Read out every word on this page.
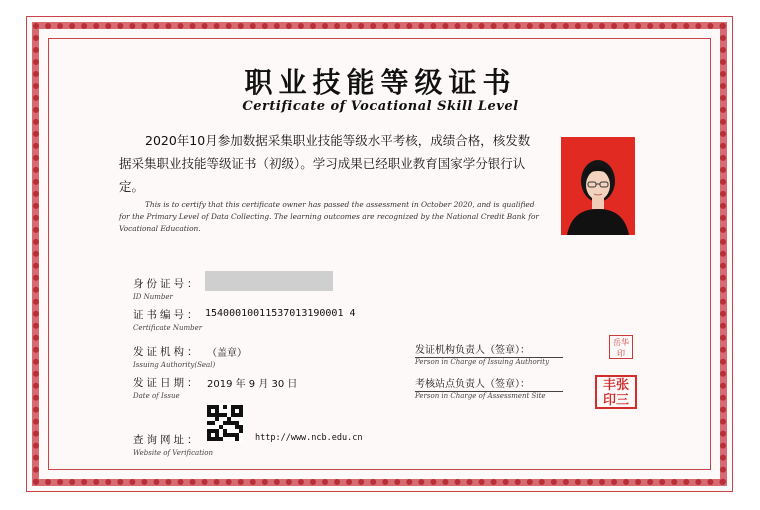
职业技能等级证书
Certificate of Vocational Skill Level
2020年10月参加数据采集职业技能等级水平考核，成绩合格，核发数据采集职业技能等级证书（初级）。学习成果已经职业教育国家学分银行认定。
This is to certify that this certificate owner has passed the assessment in October 2020, and is qualified for the Primary Level of Data Collecting. The learning outcomes are recognized by the National Credit Bank for Vocational Education.
身份证号：
ID Number
证书编号： 15400010011537013190001 4
Certificate Number
发证机构： （盖章）
Issuing Authority(Seal)
发证日期： 2019 年 9 月 30 日
Date of Issue
查询网址：	http://www.ncb.edu.cn
Website of Verification
发证机构负责人（签章）：
Person in Charge of Issuing Authority
考核站点负责人（签章）：
Person in Charge of Assessment Site
岳华印
丰张印三
